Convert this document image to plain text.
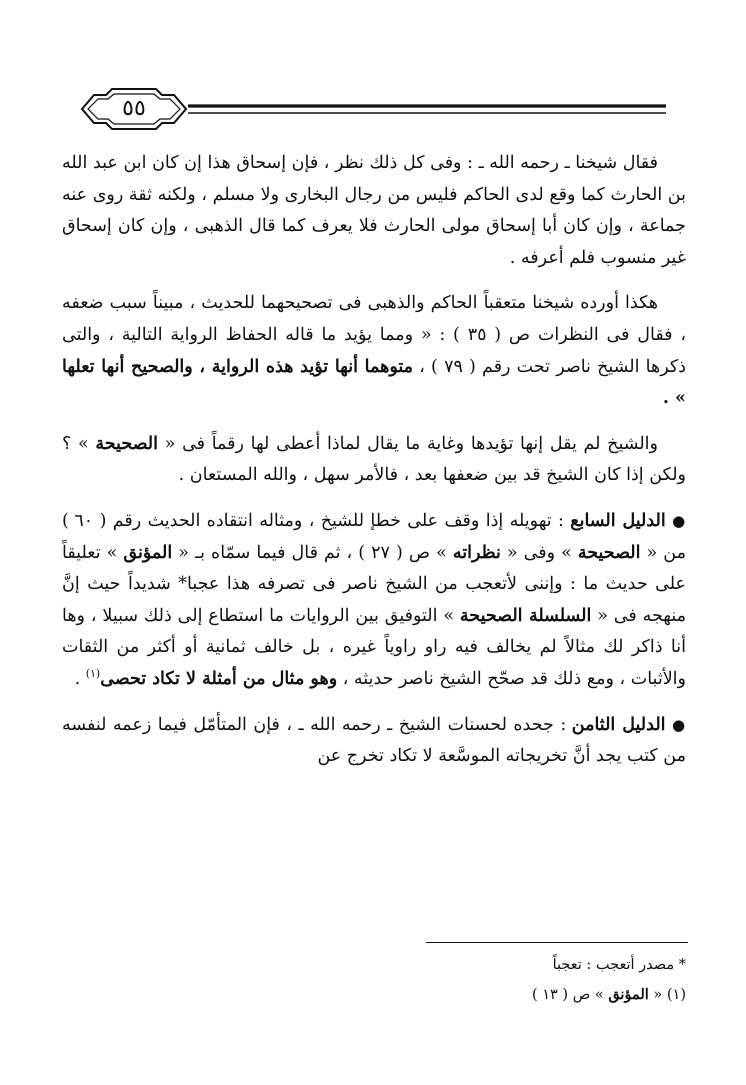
٥٥

فقال شيخنا ـ رحمه الله ـ : وفى كل ذلك نظر ، فإن إسحاق هذا إن كان ابن عبد الله بن الحارث كما وقع لدى الحاكم فليس من رجال البخارى ولا مسلم ، ولكنه ثقة روى عنه جماعة ، وإن كان أبا إسحاق مولى الحارث فلا يعرف كما قال الذهبى ، وإن كان إسحاق غير منسوب فلم أعرفه .

هكذا أورده شيخنا متعقباً الحاكم والذهبى فى تصحيحهما للحديث ، مبيناً سبب ضعفه ، فقال فى النظرات ص ( ٣٥ ) : « ومما يؤيد ما قاله الحفاظ الرواية التالية ، والتى ذكرها الشيخ ناصر تحت رقم ( ٧٩ ) ، متوهما أنها تؤيد هذه الرواية ، والصحيح أنها تعلها » .

والشيخ لم يقل إنها تؤيدها وغاية ما يقال لماذا أعطى لها رقماً فى « الصحيحة » ؟ ولكن إذا كان الشيخ قد بين ضعفها بعد ، فالأمر سهل ، والله المستعان .

● الدليل السابع : تهويله إذا وقف على خطإ للشيخ ، ومثاله انتقاده الحديث رقم ( ٦٠ ) من « الصحيحة » وفى « نظراته » ص ( ٢٧ ) ، ثم قال فيما سمّاه بـ « المؤنق » تعليقاً على حديث ما : وإننى لأتعجب من الشيخ ناصر فى تصرفه هذا عجبا* شديداً حيث إنَّ منهجه فى « السلسلة الصحيحة » التوفيق بين الروايات ما استطاع إلى ذلك سبيلا ، وها أنا ذاكر لك مثالاً لم يخالف فيه راو راوياً غيره ، بل خالف ثمانية أو أكثر من الثقات والأثبات ، ومع ذلك قد صحّح الشيخ ناصر حديثه ، وهو مثال من أمثلة لا تكاد تحصى$^{(١)}$ .

● الدليل الثامن : جحده لحسنات الشيخ ـ رحمه الله ـ ، فإن المتأمّل فيما زعمه لنفسه من كتب يجد أنَّ تخريجاته الموسَّعة لا تكاد تخرج عن

* مصدر أتعجب : تعجباً
(١) « المؤنق » ص ( ١٣ )
